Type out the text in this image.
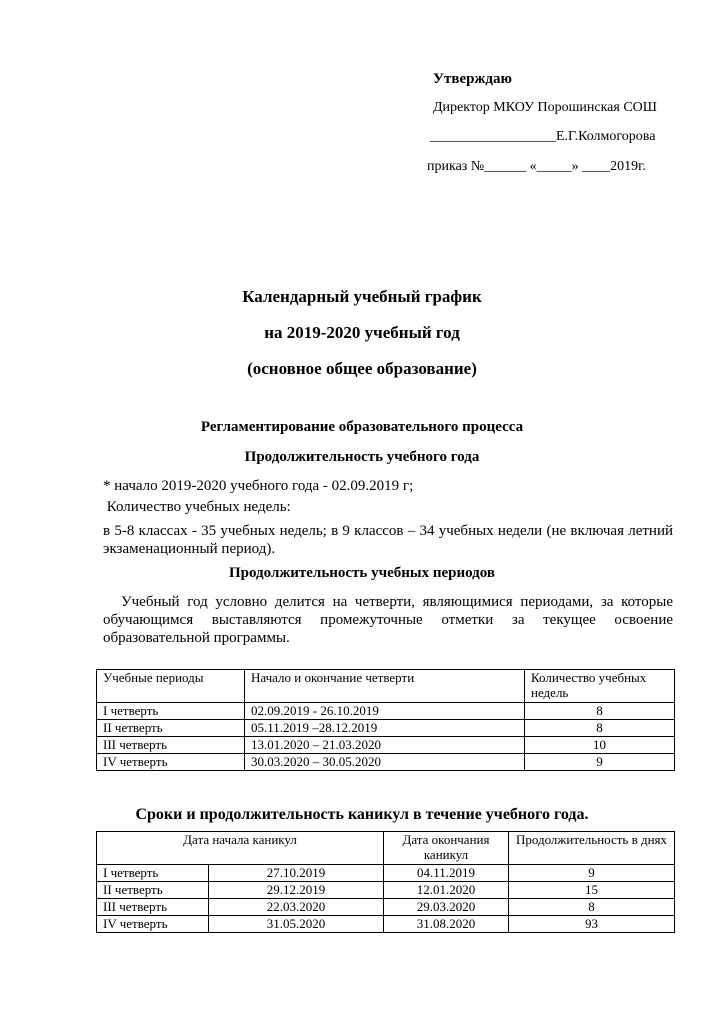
Утверждаю
Директор МКОУ Порошинская СОШ
__________________Е.Г.Колмогорова
приказ №______ «_____» ____2019г.
Календарный учебный график
на 2019-2020 учебный год
(основное общее образование)
Регламентирование образовательного процесса
Продолжительность учебного года
* начало 2019-2020 учебного года - 02.09.2019 г;
Количество учебных недель:
в 5-8 классах - 35 учебных недель; в 9 классов – 34 учебных недели (не включая летний экзаменационный период).
Продолжительность учебных периодов
Учебный год условно делится на четверти, являющимися периодами, за которые обучающимся выставляются промежуточные отметки за текущее освоение образовательной программы.
Учебные периоды	Начало и окончание четверти	Количество учебных недель
I четверть	02.09.2019 - 26.10.2019	8
II четверть	05.11.2019 –28.12.2019	8
III четверть	13.01.2020 – 21.03.2020	10
IV четверть	30.03.2020 – 30.05.2020	9
Сроки и продолжительность каникул в течение учебного года.
Дата начала каникул		Дата окончания каникул	Продолжительность в днях
I четверть	27.10.2019	04.11.2019	9
II четверть	29.12.2019	12.01.2020	15
III четверть	22.03.2020	29.03.2020	8
IV четверть	31.05.2020	31.08.2020	93
